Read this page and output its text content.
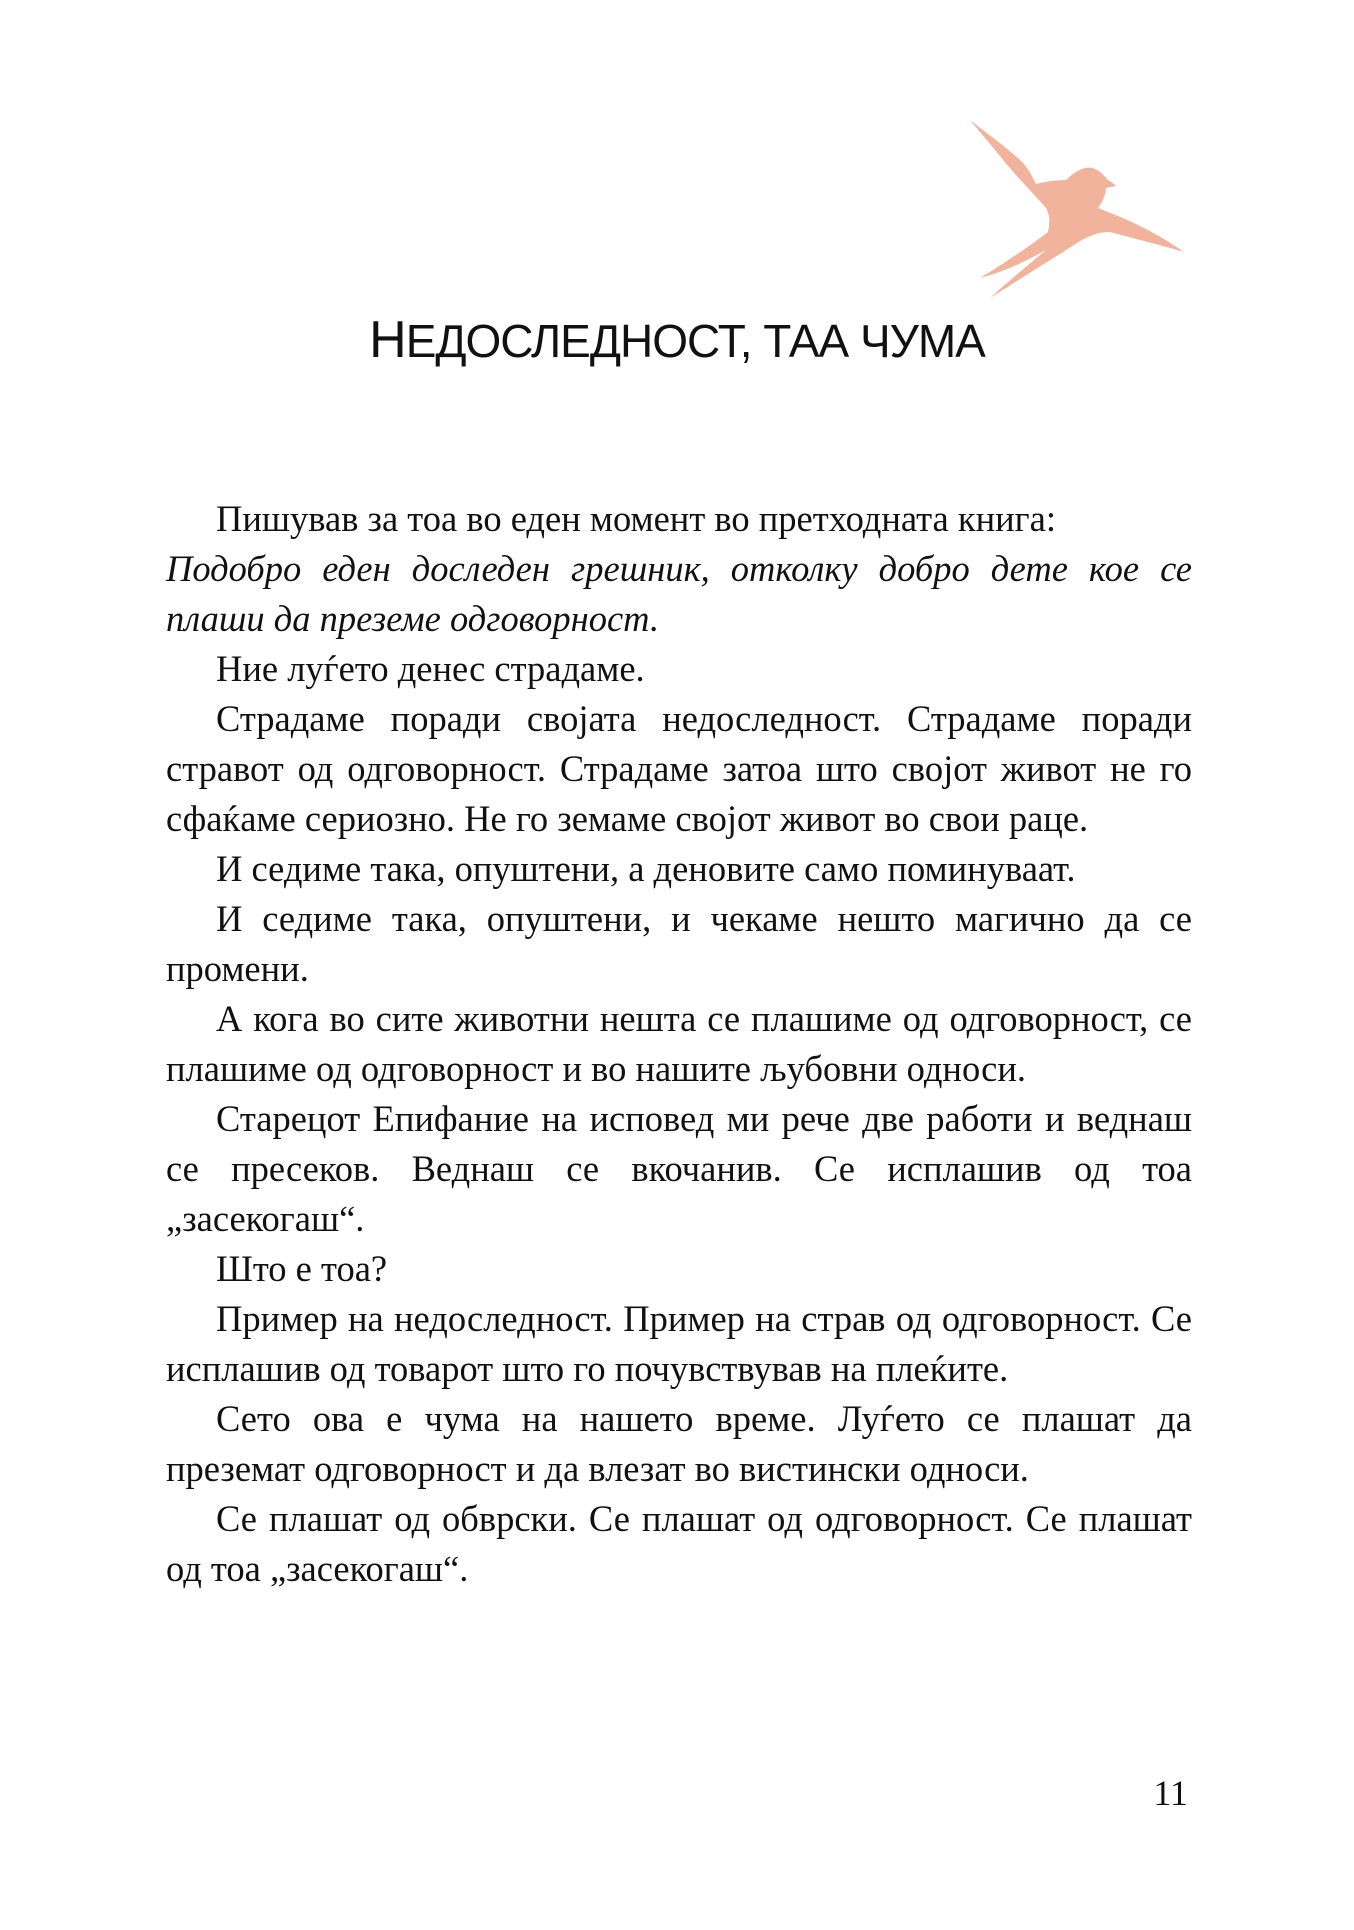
НЕДОСЛЕДНОСТ, ТАА ЧУМА

Пишував за тоа во еден момент во претходната книга:

Подобро еден доследен грешник, отколку добро дете кое се плаши да преземе одговорност.

Ние луѓето денес страдаме.

Страдаме поради својата недоследност. Страдаме поради стравот од одговорност. Страдаме затоа што својот живот не го сфаќаме сериозно. Не го земаме својот живот во свои раце.

И седиме така, опуштени, а деновите само поминуваат.

И седиме така, опуштени, и чекаме нешто магично да се промени.

А кога во сите животни нешта се плашиме од одговорност, се плашиме од одговорност и во нашите љубовни односи.

Старецот Епифание на исповед ми рече две работи и веднаш се пресеков. Веднаш се вкочанив. Се исплашив од тоа „засекогаш“.

Што е тоа?

Пример на недоследност. Пример на страв од одговорност. Се исплашив од товарот што го почувствував на плеќите.

Сето ова е чума на нашето време. Луѓето се плашат да преземат одговорност и да влезат во вистински односи.

Се плашат од обврски. Се плашат од одговорност. Се плашат од тоа „засекогаш“.

11
